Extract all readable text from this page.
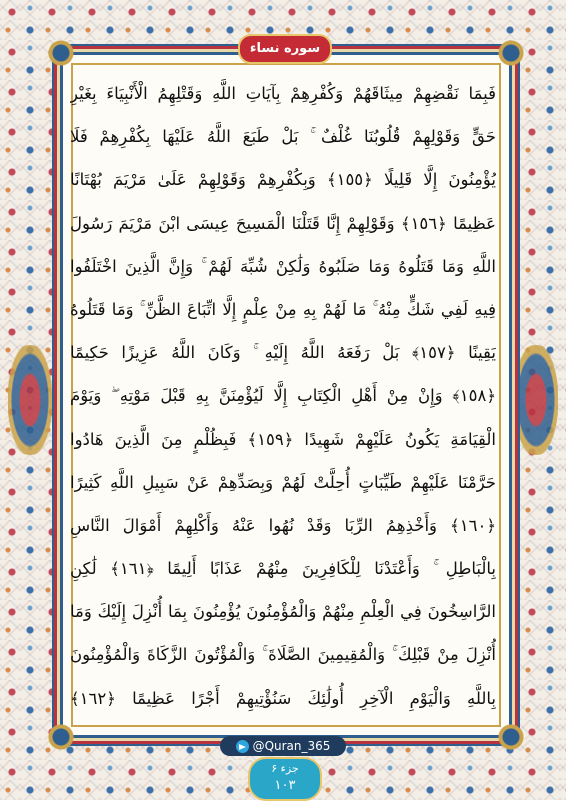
سوره نساء
فَبِمَا نَقْضِهِمْ مِيثَاقَهُمْ وَكُفْرِهِمْ بِآيَاتِ اللَّهِ وَقَتْلِهِمُ الْأَنْبِيَاءَ بِغَيْرِ
حَقٍّ وَقَوْلِهِمْ قُلُوبُنَا غُلْفٌ ۚ بَلْ طَبَعَ اللَّهُ عَلَيْهَا بِكُفْرِهِمْ فَلَا
يُؤْمِنُونَ إِلَّا قَلِيلًا ﴿١٥٥﴾ وَبِكُفْرِهِمْ وَقَوْلِهِمْ عَلَىٰ مَرْيَمَ بُهْتَانًا
عَظِيمًا ﴿١٥٦﴾ وَقَوْلِهِمْ إِنَّا قَتَلْنَا الْمَسِيحَ عِيسَى ابْنَ مَرْيَمَ رَسُولَ
اللَّهِ وَمَا قَتَلُوهُ وَمَا صَلَبُوهُ وَلَٰكِنْ شُبِّهَ لَهُمْ ۚ وَإِنَّ الَّذِينَ اخْتَلَفُوا
فِيهِ لَفِي شَكٍّ مِنْهُ ۚ مَا لَهُمْ بِهِ مِنْ عِلْمٍ إِلَّا اتِّبَاعَ الظَّنِّ ۚ وَمَا قَتَلُوهُ
يَقِينًا ﴿١٥٧﴾ بَلْ رَفَعَهُ اللَّهُ إِلَيْهِ ۚ وَكَانَ اللَّهُ عَزِيزًا حَكِيمًا
﴿١٥٨﴾ وَإِنْ مِنْ أَهْلِ الْكِتَابِ إِلَّا لَيُؤْمِنَنَّ بِهِ قَبْلَ مَوْتِهِ ۖ وَيَوْمَ
الْقِيَامَةِ يَكُونُ عَلَيْهِمْ شَهِيدًا ﴿١٥٩﴾ فَبِظُلْمٍ مِنَ الَّذِينَ هَادُوا
حَرَّمْنَا عَلَيْهِمْ طَيِّبَاتٍ أُحِلَّتْ لَهُمْ وَبِصَدِّهِمْ عَنْ سَبِيلِ اللَّهِ كَثِيرًا
﴿١٦٠﴾ وَأَخْذِهِمُ الرِّبَا وَقَدْ نُهُوا عَنْهُ وَأَكْلِهِمْ أَمْوَالَ النَّاسِ
بِالْبَاطِلِ ۚ وَأَعْتَدْنَا لِلْكَافِرِينَ مِنْهُمْ عَذَابًا أَلِيمًا ﴿١٦١﴾ لَٰكِنِ
الرَّاسِخُونَ فِي الْعِلْمِ مِنْهُمْ وَالْمُؤْمِنُونَ يُؤْمِنُونَ بِمَا أُنْزِلَ إِلَيْكَ وَمَا
أُنْزِلَ مِنْ قَبْلِكَ ۚ وَالْمُقِيمِينَ الصَّلَاةَ ۚ وَالْمُؤْتُونَ الزَّكَاةَ وَالْمُؤْمِنُونَ
بِاللَّهِ وَالْيَوْمِ الْآخِرِ أُولَٰئِكَ سَنُؤْتِيهِمْ أَجْرًا عَظِيمًا ﴿١٦٢﴾
@Quran_365
جزء ۶
۱۰۳
